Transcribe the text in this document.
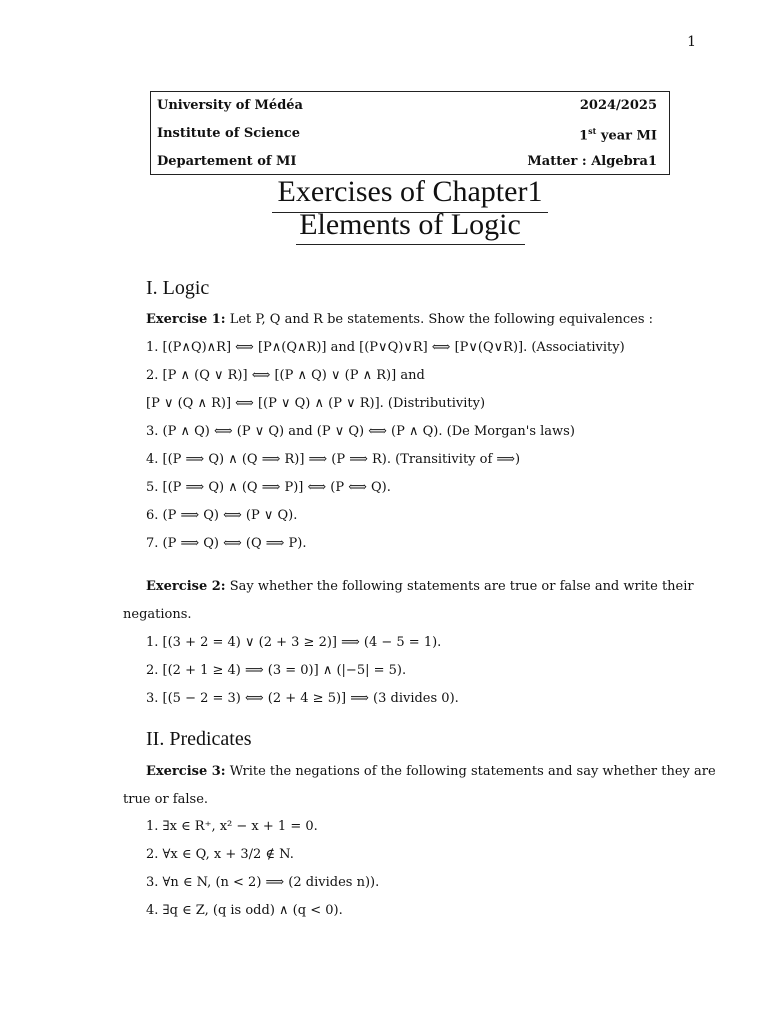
1
University of Médéa	2024/2025
Institute of Science	1st year MI
Departement of MI	Matter : Algebra1
Exercises of Chapter1
Elements of Logic
I. Logic
Exercise 1: Let P, Q and R be statements. Show the following equivalences :
1. [(P∧Q)∧R] ⟺ [P∧(Q∧R)] and [(P∨Q)∨R] ⟺ [P∨(Q∨R)]. (Associativity)
2. [P ∧ (Q ∨ R)] ⟺ [(P ∧ Q) ∨ (P ∧ R)] and
[P ∨ (Q ∧ R)] ⟺ [(P ∨ Q) ∧ (P ∨ R)]. (Distributivity)
3. (P ∧ Q) ⟺ (P ∨ Q) and (P ∨ Q) ⟺ (P ∧ Q). (De Morgan's laws)
4. [(P ⟹ Q) ∧ (Q ⟹ R)] ⟹ (P ⟹ R). (Transitivity of ⟹)
5. [(P ⟹ Q) ∧ (Q ⟹ P)] ⟺ (P ⟺ Q).
6. (P ⟹ Q) ⟺ (P ∨ Q).
7. (P ⟹ Q) ⟺ (Q ⟹ P).
Exercise 2: Say whether the following statements are true or false and write their
negations.
1. [(3 + 2 = 4) ∨ (2 + 3 ≥ 2)] ⟹ (4 − 5 = 1).
2. [(2 + 1 ≥ 4) ⟹ (3 = 0)] ∧ (|−5| = 5).
3. [(5 − 2 = 3) ⟺ (2 + 4 ≥ 5)] ⟹ (3 divides 0).
II. Predicates
Exercise 3: Write the negations of the following statements and say whether they are
true or false.
1. ∃x ∈ R⁺, x² − x + 1 = 0.
2. ∀x ∈ Q, x + 3/2 ∉ N.
3. ∀n ∈ N, (n < 2) ⟹ (2 divides n)).
4. ∃q ∈ Z, (q is odd) ∧ (q < 0).
